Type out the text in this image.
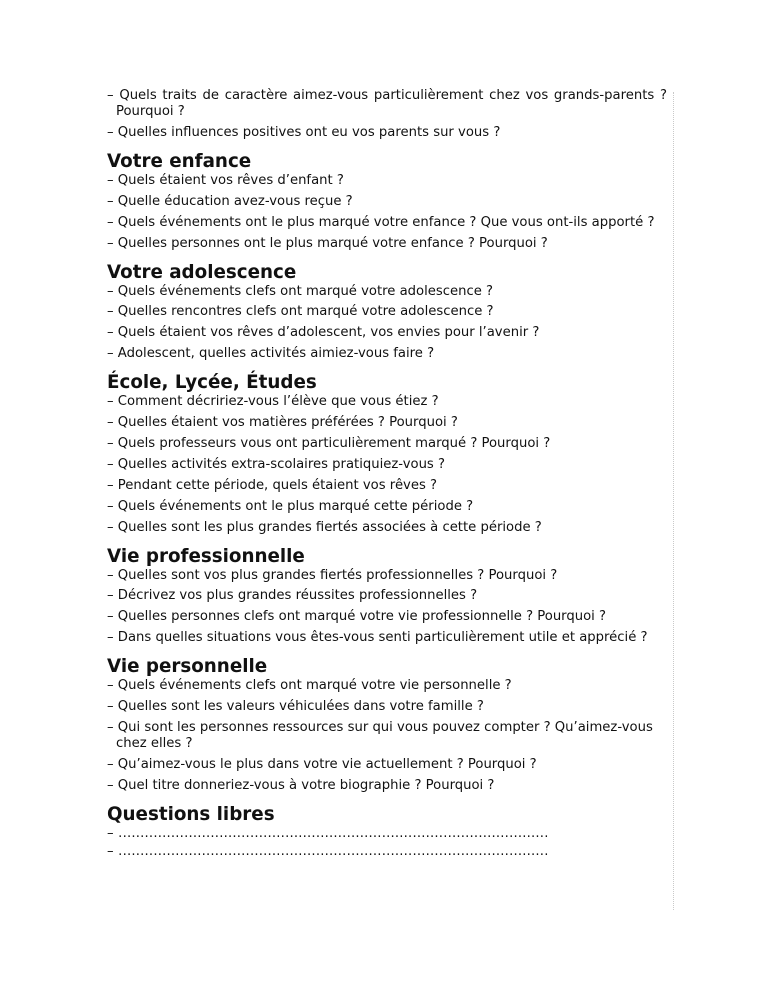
– Quels traits de caractère aimez-vous particulièrement chez vos grands-parents ? Pourquoi ?

– Quelles influences positives ont eu vos parents sur vous ?

Votre enfance

– Quels étaient vos rêves d’enfant ?

– Quelle éducation avez-vous reçue ?

– Quels événements ont le plus marqué votre enfance ? Que vous ont-ils apporté ?

– Quelles personnes ont le plus marqué votre enfance ? Pourquoi ?

Votre adolescence

– Quels événements clefs ont marqué votre adolescence ?

– Quelles rencontres clefs ont marqué votre adolescence ?

– Quels étaient vos rêves d’adolescent, vos envies pour l’avenir ?

– Adolescent, quelles activités aimiez-vous faire ?

École, Lycée, Études

– Comment décririez-vous l’élève que vous étiez ?

– Quelles étaient vos matières préférées ? Pourquoi ?

– Quels professeurs vous ont particulièrement marqué ? Pourquoi ?

– Quelles activités extra-scolaires pratiquiez-vous ?

– Pendant cette période, quels étaient vos rêves ?

– Quels événements ont le plus marqué cette période ?

– Quelles sont les plus grandes fiertés associées à cette période ?

Vie professionnelle

– Quelles sont vos plus grandes fiertés professionnelles ? Pourquoi ?

– Décrivez vos plus grandes réussites professionnelles ?

– Quelles personnes clefs ont marqué votre vie professionnelle ? Pourquoi ?

– Dans quelles situations vous êtes-vous senti particulièrement utile et apprécié ?

Vie personnelle

– Quels événements clefs ont marqué votre vie personnelle ?

– Quelles sont les valeurs véhiculées dans votre famille ?

– Qui sont les personnes ressources sur qui vous pouvez compter ? Qu’aimez-vous chez elles ?

– Qu’aimez-vous le plus dans votre vie actuellement ? Pourquoi ?

– Quel titre donneriez-vous à votre biographie ? Pourquoi ?

Questions libres

– ..................................................................................................

– ..................................................................................................
